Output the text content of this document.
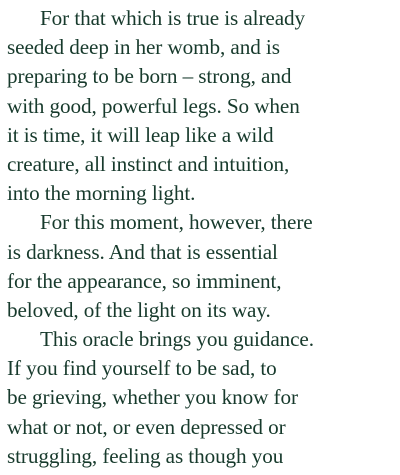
For that which is true is already
seeded deep in her womb, and is
preparing to be born – strong, and
with good, powerful legs. So when
it is time, it will leap like a wild
creature, all instinct and intuition,
into the morning light.
For this moment, however, there
is darkness. And that is essential
for the appearance, so imminent,
beloved, of the light on its way.
This oracle brings you guidance.
If you find yourself to be sad, to
be grieving, whether you know for
what or not, or even depressed or
struggling, feeling as though you
